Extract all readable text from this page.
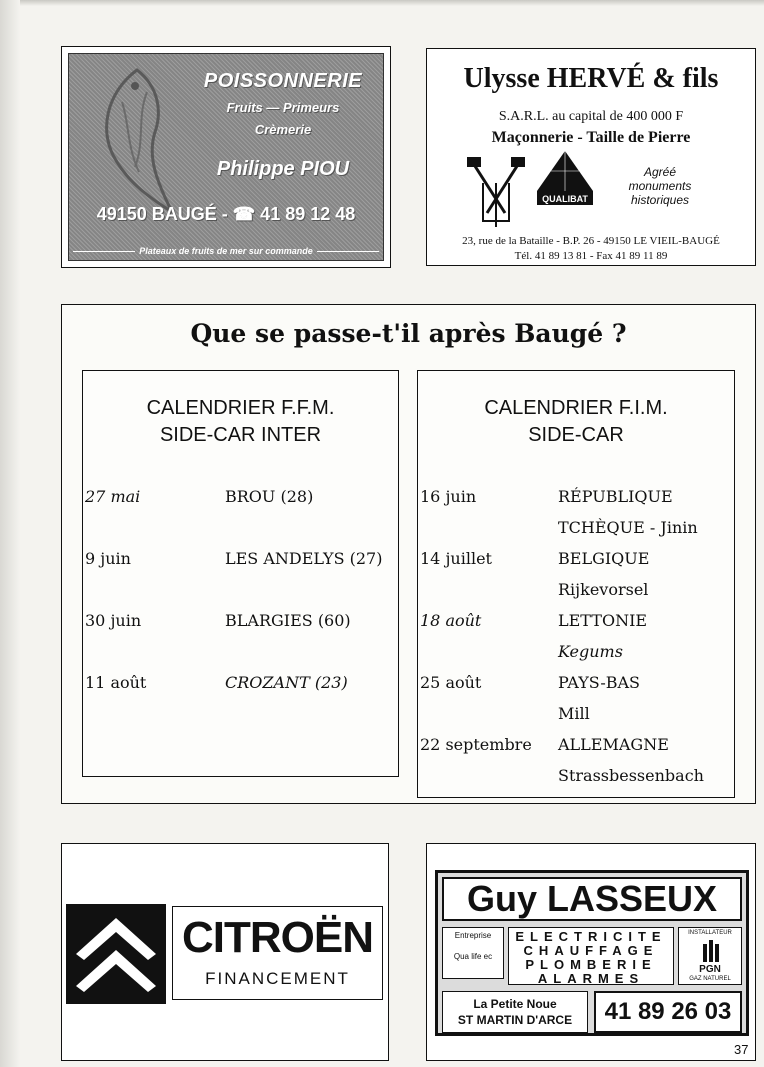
POISSONNERIE
Fruits — Primeurs
Crèmerie
Philippe PIOU
49150 BAUGÉ - ☎ 41 89 12 48
Plateaux de fruits de mer sur commande
Ulysse HERVÉ & fils
S.A.R.L. au capital de 400 000 F
Maçonnerie - Taille de Pierre
QUALIBAT
Agréé
monuments
historiques
23, rue de la Bataille - B.P. 26 - 49150 LE VIEIL-BAUGÉ
Tél. 41 89 13 81 - Fax 41 89 11 89
Que se passe-t'il après Baugé ?
CALENDRIER F.F.M.
SIDE-CAR INTER
27 mai	BROU (28)
9 juin	LES ANDELYS (27)
30 juin	BLARGIES (60)
11 août	CROZANT (23)
CALENDRIER F.I.M.
SIDE-CAR
16 juin	RÉPUBLIQUE
TCHÈQUE - Jinin
14 juillet	BELGIQUE
Rijkevorsel
18 août	LETTONIE
Kegums
25 août	PAYS-BAS
Mill
22 septembre ALLEMAGNE
Strassbessenbach
CITROËN
FINANCEMENT
Guy LASSEUX
Entreprise
Qua life ec
ELECTRICITE
CHAUFFAGE
PLOMBERIE
ALARMES
INSTALLATEUR
PGN
GAZ NATUREL
La Petite Noue
ST MARTIN D'ARCE	41 89 26 03
37
